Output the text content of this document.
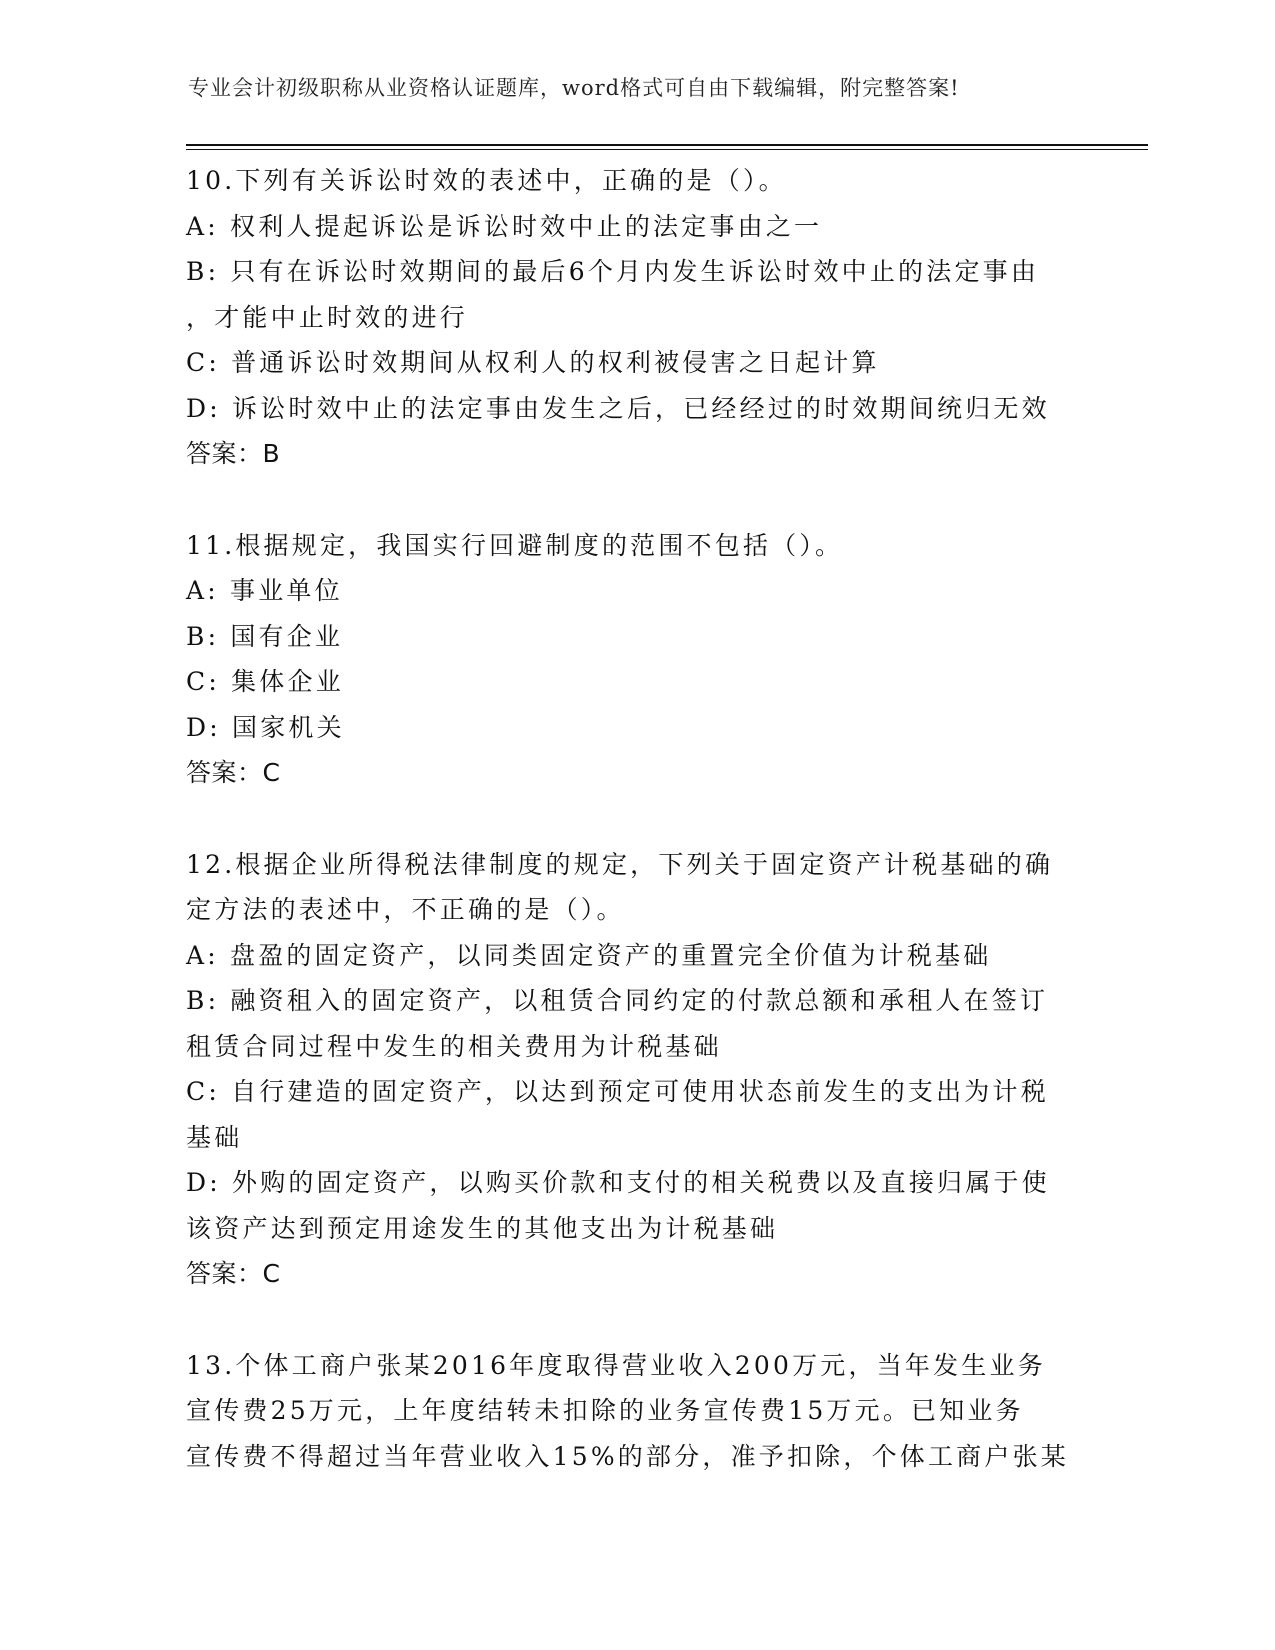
专业会计初级职称从业资格认证题库，word格式可自由下载编辑，附完整答案!
10.下列有关诉讼时效的表述中，正确的是（）。
A: 权利人提起诉讼是诉讼时效中止的法定事由之一
B: 只有在诉讼时效期间的最后6个月内发生诉讼时效中止的法定事由
，才能中止时效的进行
C: 普通诉讼时效期间从权利人的权利被侵害之日起计算
D: 诉讼时效中止的法定事由发生之后，已经经过的时效期间统归无效
答案：B
11.根据规定，我国实行回避制度的范围不包括（）。
A: 事业单位
B: 国有企业
C: 集体企业
D: 国家机关
答案：C
12.根据企业所得税法律制度的规定，下列关于固定资产计税基础的确
定方法的表述中，不正确的是（）。
A: 盘盈的固定资产，以同类固定资产的重置完全价值为计税基础
B: 融资租入的固定资产，以租赁合同约定的付款总额和承租人在签订
租赁合同过程中发生的相关费用为计税基础
C: 自行建造的固定资产，以达到预定可使用状态前发生的支出为计税
基础
D: 外购的固定资产，以购买价款和支付的相关税费以及直接归属于使
该资产达到预定用途发生的其他支出为计税基础
答案：C
13.个体工商户张某2016年度取得营业收入200万元，当年发生业务
宣传费25万元，上年度结转未扣除的业务宣传费15万元。已知业务
宣传费不得超过当年营业收入15%的部分，准予扣除，个体工商户张某
